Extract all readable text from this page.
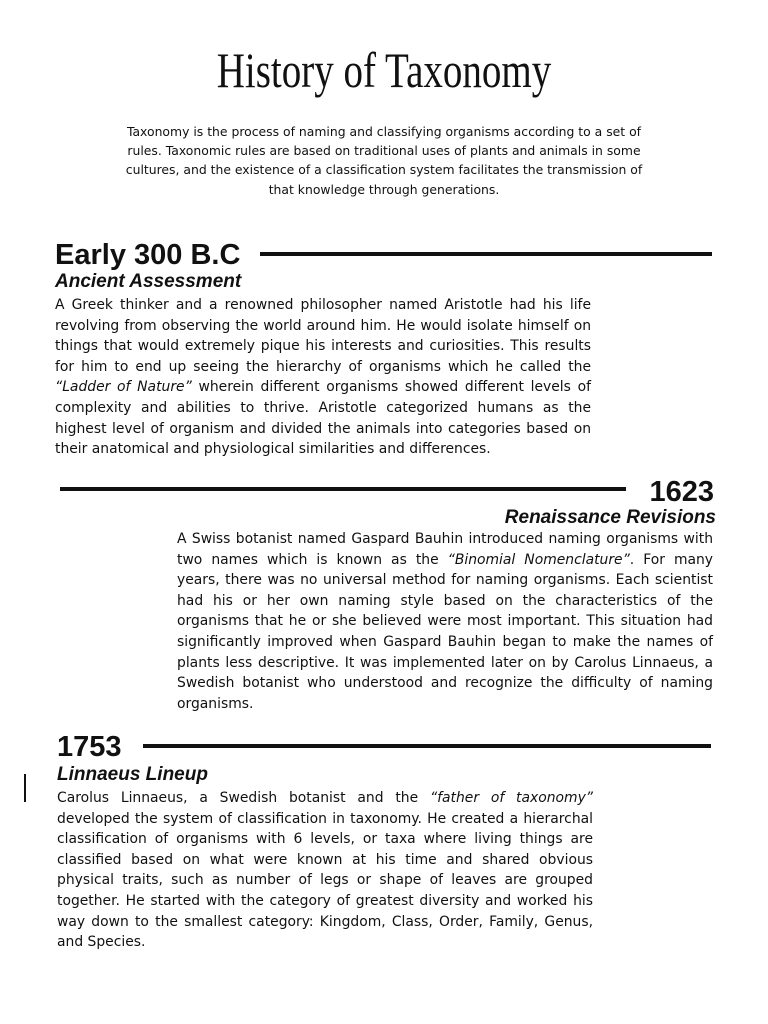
History of Taxonomy
Taxonomy is the process of naming and classifying organisms according to a set of rules. Taxonomic rules are based on traditional uses of plants and animals in some cultures, and the existence of a classification system facilitates the transmission of that knowledge through generations.
Early 300 B.C
Ancient Assessment
A Greek thinker and a renowned philosopher named Aristotle had his life revolving from observing the world around him. He would isolate himself on things that would extremely pique his interests and curiosities. This results for him to end up seeing the hierarchy of organisms which he called the “Ladder of Nature” wherein different organisms showed different levels of complexity and abilities to thrive. Aristotle categorized humans as the highest level of organism and divided the animals into categories based on their anatomical and physiological similarities and differences.
1623
Renaissance Revisions
A Swiss botanist named Gaspard Bauhin introduced naming organisms with two names which is known as the “Binomial Nomenclature”. For many years, there was no universal method for naming organisms. Each scientist had his or her own naming style based on the characteristics of the organisms that he or she believed were most important. This situation had significantly improved when Gaspard Bauhin began to make the names of plants less descriptive. It was implemented later on by Carolus Linnaeus, a Swedish botanist who understood and recognize the difficulty of naming organisms.
1753
Linnaeus Lineup
Carolus Linnaeus, a Swedish botanist and the “father of taxonomy” developed the system of classification in taxonomy. He created a hierarchal classification of organisms with 6 levels, or taxa where living things are classified based on what were known at his time and shared obvious physical traits, such as number of legs or shape of leaves are grouped together. He started with the category of greatest diversity and worked his way down to the smallest category: Kingdom, Class, Order, Family, Genus, and Species.
